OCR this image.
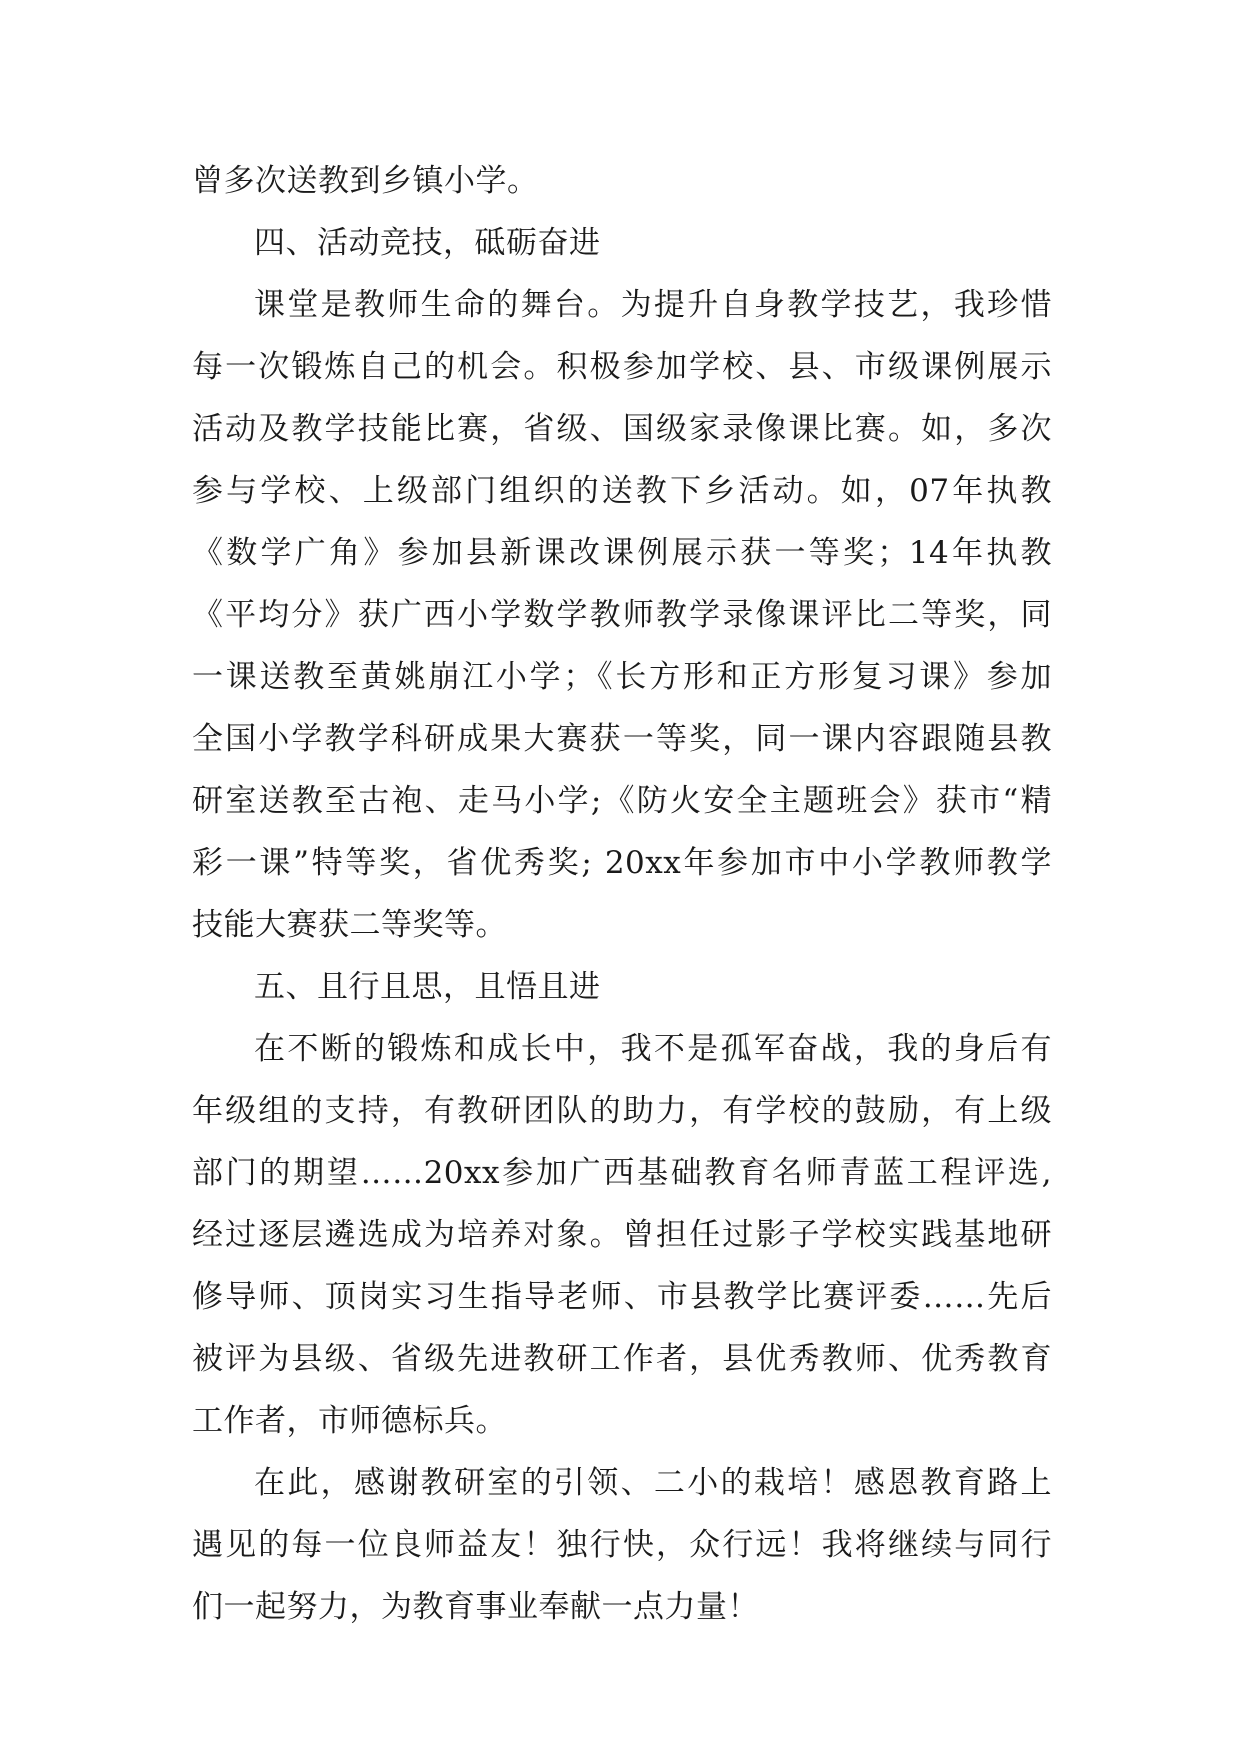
曾多次送教到乡镇小学。
四、活动竞技，砥砺奋进
课堂是教师生命的舞台。为提升自身教学技艺，我珍惜
每一次锻炼自己的机会。积极参加学校、县、市级课例展示
活动及教学技能比赛，省级、国级家录像课比赛。如，多次
参与学校、上级部门组织的送教下乡活动。如，07年执教
《数学广角》参加县新课改课例展示获一等奖；14年执教
《平均分》获广西小学数学教师教学录像课评比二等奖，同
一课送教至黄姚崩江小学；《长方形和正方形复习课》参加
全国小学教学科研成果大赛获一等奖，同一课内容跟随县教
研室送教至古袍、走马小学;《防火安全主题班会》获市“精
彩一课”特等奖，省优秀奖; 20xx年参加市中小学教师教学
技能大赛获二等奖等。
五、且行且思，且悟且进
在不断的锻炼和成长中，我不是孤军奋战，我的身后有
年级组的支持，有教研团队的助力，有学校的鼓励，有上级
部门的期望……20xx参加广西基础教育名师青蓝工程评选,
经过逐层遴选成为培养对象。曾担任过影子学校实践基地研
修导师、顶岗实习生指导老师、市县教学比赛评委……先后
被评为县级、省级先进教研工作者，县优秀教师、优秀教育
工作者，市师德标兵。
在此，感谢教研室的引领、二小的栽培！感恩教育路上
遇见的每一位良师益友！独行快，众行远！我将继续与同行
们一起努力，为教育事业奉献一点力量！
